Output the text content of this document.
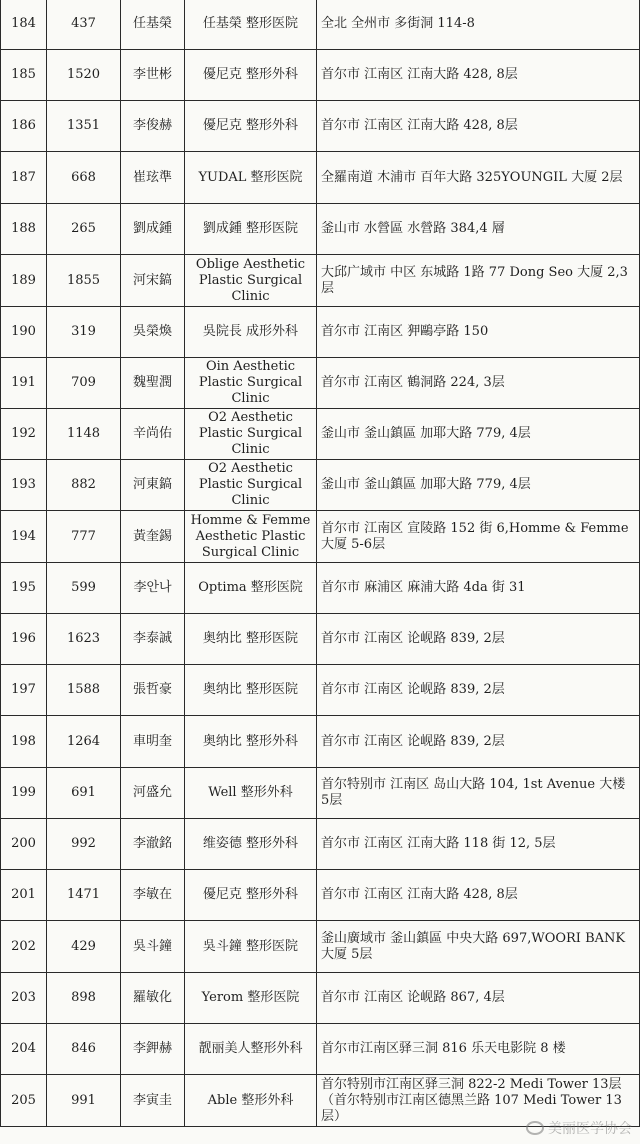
184	437	任基榮	任基榮 整形医院	全北 全州市 多街洞 114-8
185	1520	李世彬	優尼克 整形外科	首尔市 江南区 江南大路 428, 8层
186	1351	李俊赫	優尼克 整形外科	首尔市 江南区 江南大路 428, 8层
187	668	崔玹準	YUDAL 整形医院	全羅南道 木浦市 百年大路 325YOUNGIL 大厦 2层
188	265	劉成鍾	劉成鍾 整形医院	釜山市 水營區 水營路 384,4 層
189	1855	河宋鎬	Oblige Aesthetic Plastic Surgical Clinic	大邱广域市 中区 东城路 1路 77 Dong Seo 大厦 2,3 层
190	319	吳榮煥	吳院長 成形外科	首尔市 江南区 狎鷗亭路 150
191	709	魏聖潤	Oin Aesthetic Plastic Surgical Clinic	首尔市 江南区 鶴洞路 224, 3层
192	1148	辛尚佑	O2 Aesthetic Plastic Surgical Clinic	釜山市 釜山鎮區 加耶大路 779, 4层
193	882	河東鎬	O2 Aesthetic Plastic Surgical Clinic	釜山市 釜山鎮區 加耶大路 779, 4层
194	777	黃奎錫	Homme & Femme Aesthetic Plastic Surgical Clinic	首尔市 江南区 宣陵路 152 街 6,Homme & Femme 大厦 5-6层
195	599	李안나	Optima 整形医院	首尔市 麻浦区 麻浦大路 4da 街 31
196	1623	李泰誠	奥纳比 整形医院	首尔市 江南区 论岘路 839, 2层
197	1588	張哲豪	奥纳比 整形医院	首尔市 江南区 论岘路 839, 2层
198	1264	車明奎	奥纳比 整形外科	首尔市 江南区 论岘路 839, 2层
199	691	河盛允	Well 整形外科	首尔特别市 江南区 岛山大路 104, 1st Avenue 大楼 5层
200	992	李澈銘	维姿德 整形外科	首尔市 江南区 江南大路 118 街 12, 5层
201	1471	李敏在	優尼克 整形外科	首尔市 江南区 江南大路 428, 8层
202	429	吳斗鐘	吳斗鐘 整形医院	釜山廣域市 釜山鎮區 中央大路 697,WOORI BANK 大厦 5层
203	898	羅敏化	Yerom 整形医院	首尔市 江南区 论岘路 867, 4层
204	846	李鉀赫	靓丽美人整形外科	首尔市江南区驿三洞 816 乐天电影院 8 楼
205	991	李寅圭	Able 整形外科	首尔特别市江南区驿三洞 822-2 Medi Tower 13层（首尔特别市江南区德黑兰路 107 Medi Tower 13层）
美丽医学协会
